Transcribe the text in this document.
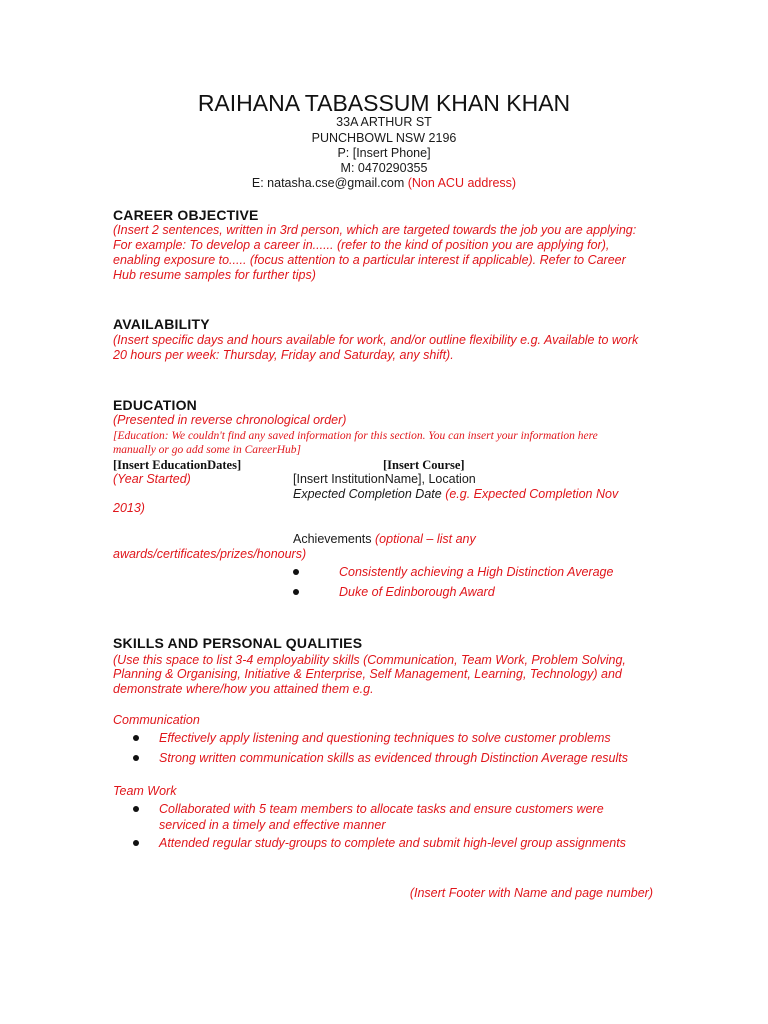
RAIHANA TABASSUM KHAN KHAN
33A ARTHUR ST
PUNCHBOWL NSW 2196
P: [Insert Phone]
M: 0470290355
E: natasha.cse@gmail.com (Non ACU address)
CAREER OBJECTIVE
(Insert 2 sentences, written in 3rd person, which are targeted towards the job you are applying:
For example: To develop a career in...... (refer to the kind of position you are applying for),
enabling exposure to..... (focus attention to a particular interest if applicable). Refer to Career
Hub resume samples for further tips)
AVAILABILITY
(Insert specific days and hours available for work, and/or outline flexibility e.g. Available to work
20 hours per week: Thursday, Friday and Saturday, any shift).
EDUCATION
(Presented in reverse chronological order)
[Education: We couldn't find any saved information for this section. You can insert your information here
manually or go add some in CareerHub]
[Insert EducationDates]	[Insert Course]
(Year Started)	[Insert InstitutionName], Location
Expected Completion Date (e.g. Expected Completion Nov
2013)
Achievements (optional – list any
awards/certificates/prizes/honours)
Consistently achieving a High Distinction Average
Duke of Edinborough Award
SKILLS AND PERSONAL QUALITIES
(Use this space to list 3-4 employability skills (Communication, Team Work, Problem Solving,
Planning & Organising, Initiative & Enterprise, Self Management, Learning, Technology) and
demonstrate where/how you attained them e.g.
Communication
Effectively apply listening and questioning techniques to solve customer problems
Strong written communication skills as evidenced through Distinction Average results
Team Work
Collaborated with 5 team members to allocate tasks and ensure customers were
serviced in a timely and effective manner
Attended regular study-groups to complete and submit high-level group assignments
(Insert Footer with Name and page number)
